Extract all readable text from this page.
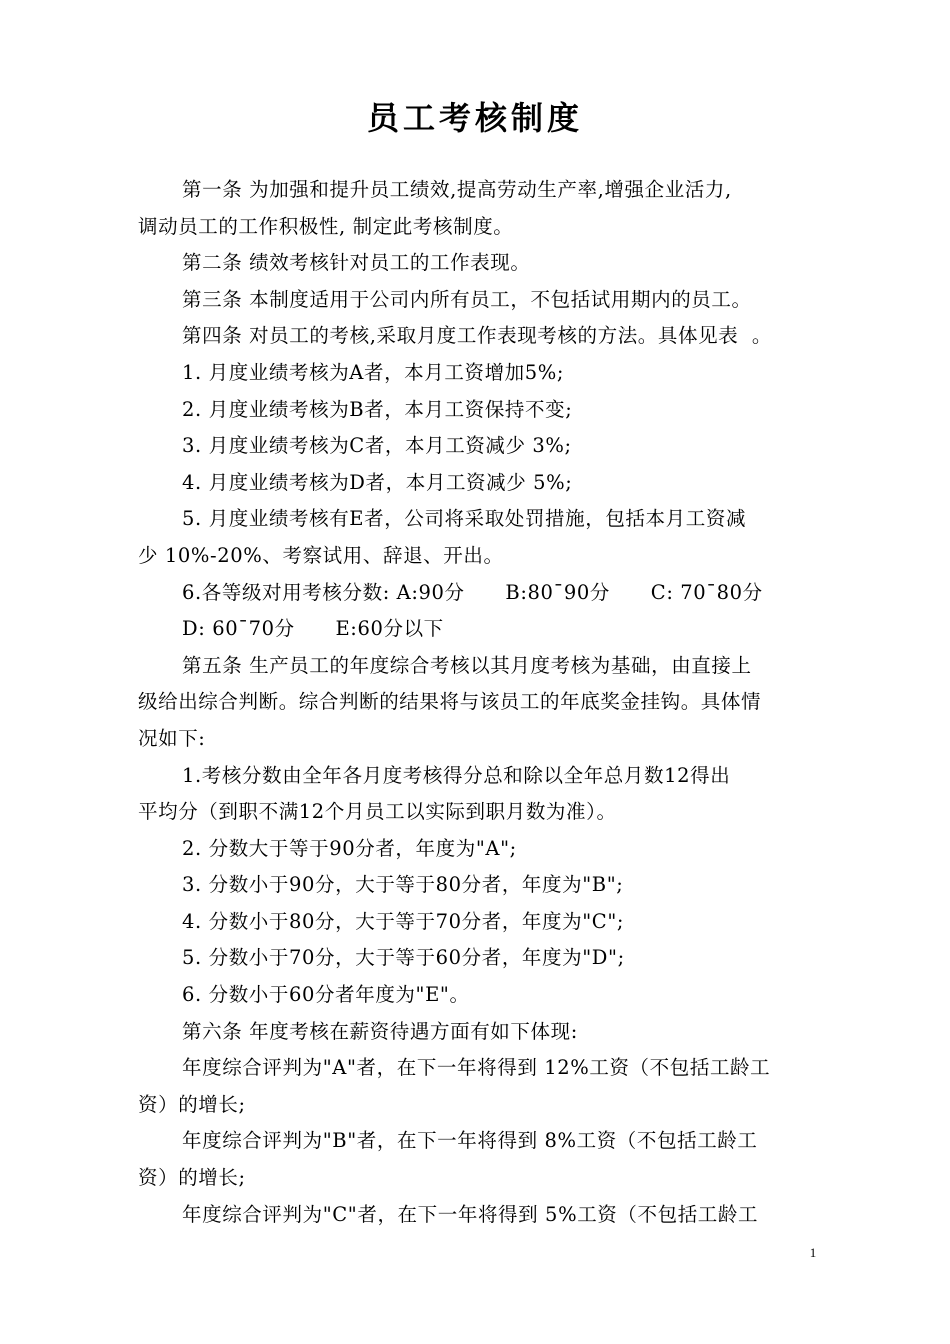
员工考核制度
第一条 为加强和提升员工绩效,提高劳动生产率,增强企业活力,
调动员工的工作积极性, 制定此考核制度。
第二条 绩效考核针对员工的工作表现。
第三条 本制度适用于公司内所有员工，不包括试用期内的员工。
第四条 对员工的考核,采取月度工作表现考核的方法。具体见表  。
1. 月度业绩考核为A者，本月工资增加5%;
2. 月度业绩考核为B者，本月工资保持不变;
3. 月度业绩考核为C者，本月工资减少 3%;
4. 月度业绩考核为D者，本月工资减少 5%;
5. 月度业绩考核有E者，公司将采取处罚措施，包括本月工资减
少 10%-20%、考察试用、辞退、开出。
6.各等级对用考核分数: A:90分      B:80¯90分      C: 70¯80分
D: 60¯70分      E:60分以下
第五条 生产员工的年度综合考核以其月度考核为基础，由直接上
级给出综合判断。综合判断的结果将与该员工的年底奖金挂钩。具体情
况如下:
1.考核分数由全年各月度考核得分总和除以全年总月数12得出
平均分（到职不满12个月员工以实际到职月数为准）。
2. 分数大于等于90分者，年度为"A";
3. 分数小于90分，大于等于80分者，年度为"B";
4. 分数小于80分，大于等于70分者，年度为"C";
5. 分数小于70分，大于等于60分者，年度为"D";
6. 分数小于60分者年度为"E"。
第六条 年度考核在薪资待遇方面有如下体现:
年度综合评判为"A"者，在下一年将得到 12%工资（不包括工龄工
资）的增长;
年度综合评判为"B"者，在下一年将得到 8%工资（不包括工龄工
资）的增长;
年度综合评判为"C"者，在下一年将得到 5%工资（不包括工龄工
1
